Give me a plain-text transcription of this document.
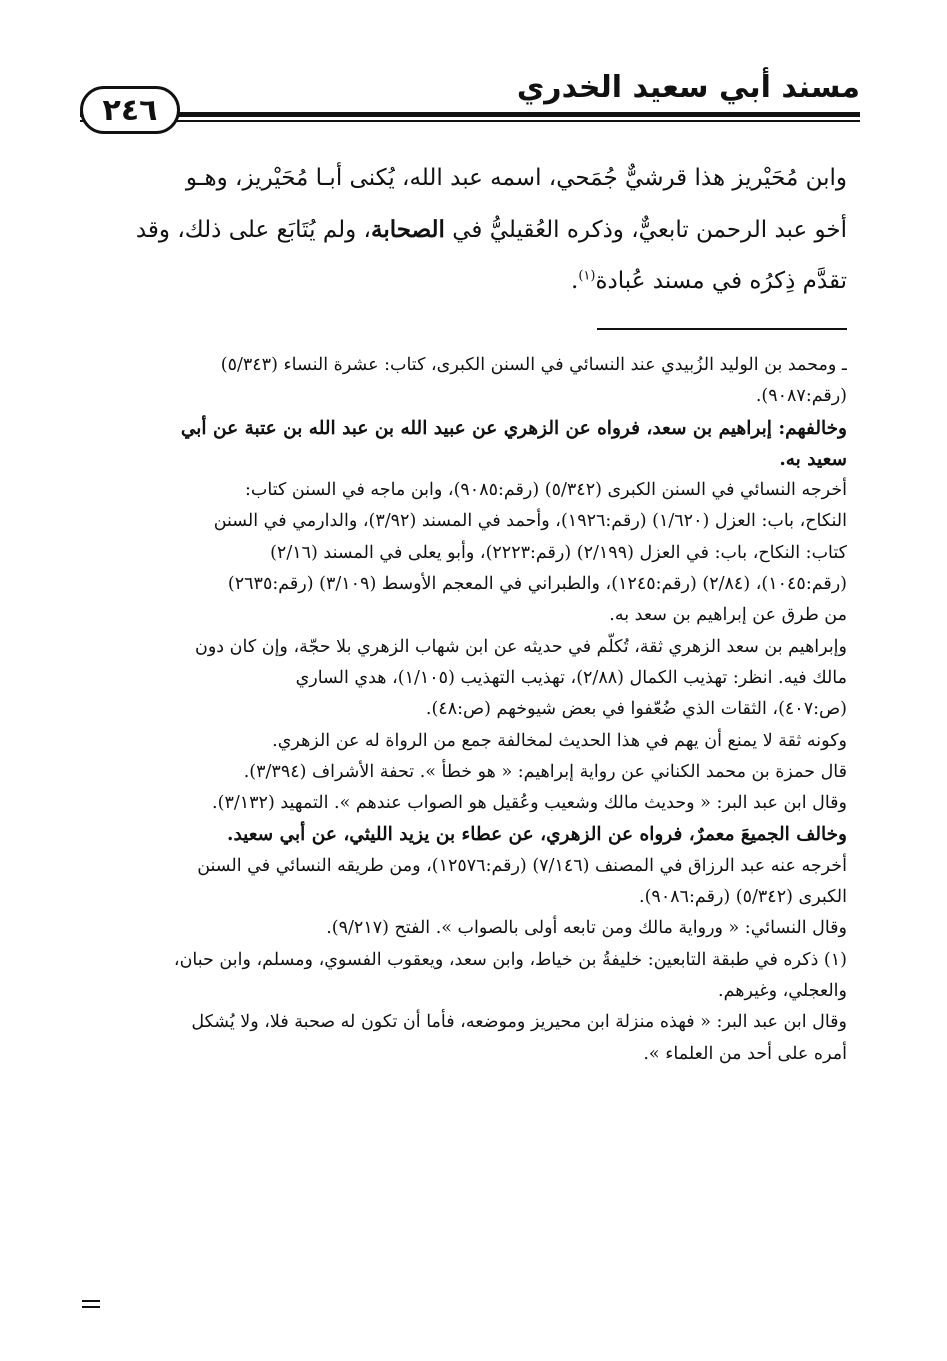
مسند أبي سعيد الخدري
٢٤٦
وابن مُحَيْريز هذا قرشيٌّ جُمَحي، اسمه عبد الله، يُكنى أبـا مُحَيْريز، وهـو
أخو عبد الرحمن تابعيٌّ، وذكره العُقيليُّ في الصحابة، ولم يُتَابَع على ذلك، وقد
تقدَّم ذِكرُه في مسند عُبادة$^{(١)}$.
ـ ومحمد بن الوليد الزُبيدي عند النسائي في السنن الكبرى، كتاب: عشرة النساء (٥/٣٤٣)
(رقم:٩٠٨٧).
وخالفهم: إبراهيم بن سعد، فرواه عن الزهري عن عبيد الله بن عبد الله بن عتبة عن أبي
سعيد به.
أخرجه النسائي في السنن الكبرى (٥/٣٤٢) (رقم:٩٠٨٥)، وابن ماجه في السنن كتاب:
النكاح، باب: العزل (١/٦٢٠) (رقم:١٩٢٦)، وأحمد في المسند (٣/٩٢)، والدارمي في السنن
كتاب: النكاح، باب: في العزل (٢/١٩٩) (رقم:٢٢٢٣)، وأبو يعلى في المسند (٢/١٦)
(رقم:١٠٤٥)، (٢/٨٤) (رقم:١٢٤٥)، والطبراني في المعجم الأوسط (٣/١٠٩) (رقم:٢٦٣٥)
من طرق عن إبراهيم بن سعد به.
وإبراهيم بن سعد الزهري ثقة، تُكلّم في حديثه عن ابن شهاب الزهري بلا حجّة، وإن كان دون
مالك فيه. انظر: تهذيب الكمال (٢/٨٨)، تهذيب التهذيب (١/١٠٥)، هدي الساري
(ص:٤٠٧)، الثقات الذي ضُعّفوا في بعض شيوخهم (ص:٤٨).
وكونه ثقة لا يمنع أن يهم في هذا الحديث لمخالفة جمع من الرواة له عن الزهري.
قال حمزة بن محمد الكناني عن رواية إبراهيم: « هو خطأ ». تحفة الأشراف (٣/٣٩٤).
وقال ابن عبد البر: « وحديث مالك وشعيب وعُقيل هو الصواب عندهم ». التمهيد (٣/١٣٢).
وخالف الجميعَ معمرٌ، فرواه عن الزهري، عن عطاء بن يزيد الليثي، عن أبي سعيد.
أخرجه عنه عبد الرزاق في المصنف (٧/١٤٦) (رقم:١٢٥٧٦)، ومن طريقه النسائي في السنن
الكبرى (٥/٣٤٢) (رقم:٩٠٨٦).
وقال النسائي: « ورواية مالك ومن تابعه أولى بالصواب ». الفتح (٩/٢١٧).
(١) ذكره في طبقة التابعين: خليفةُ بن خياط، وابن سعد، ويعقوب الفسوي، ومسلم، وابن حبان،
والعجلي، وغيرهم.
وقال ابن عبد البر: « فهذه منزلة ابن محيريز وموضعه، فأما أن تكون له صحبة فلا، ولا يُشكل
أمره على أحد من العلماء ».
